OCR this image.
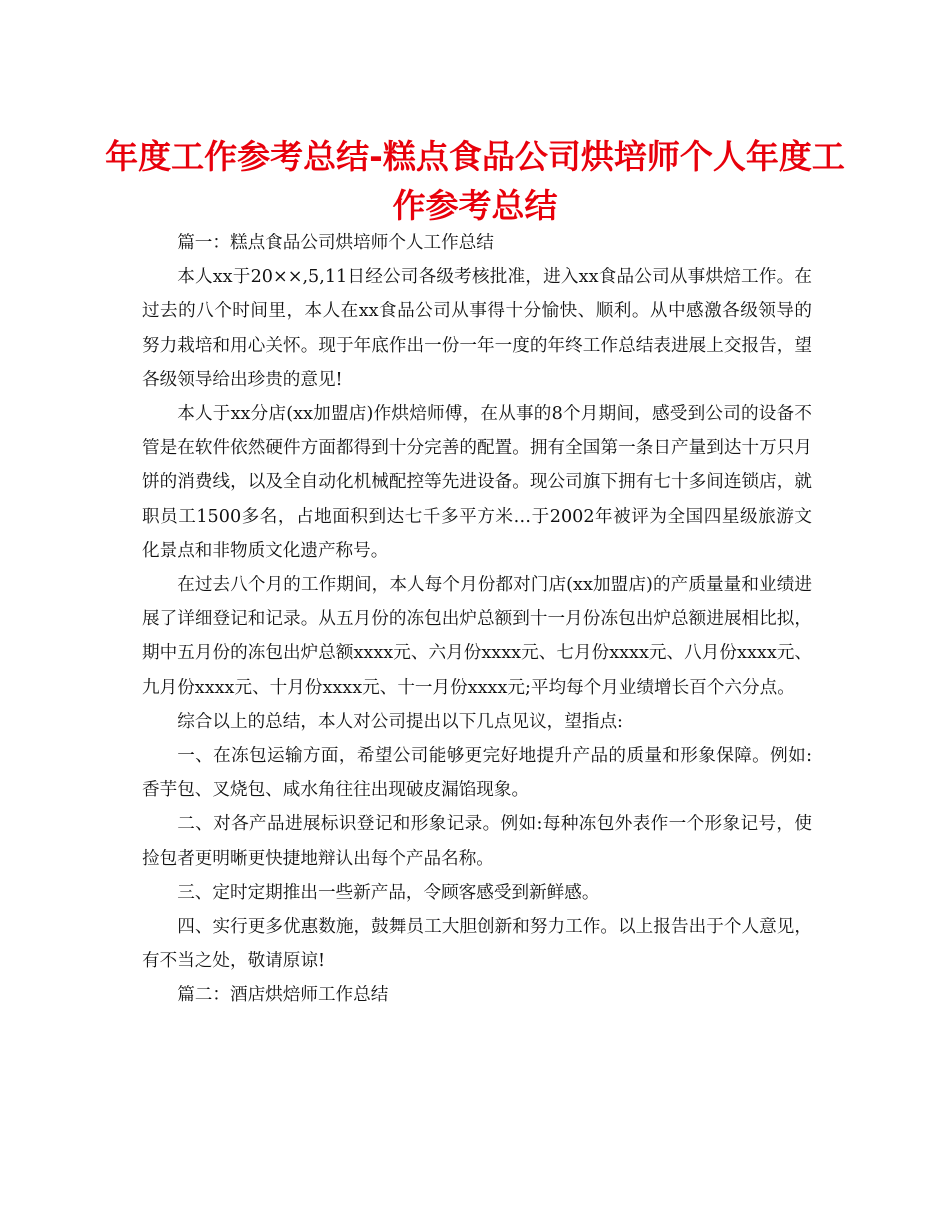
年度工作参考总结-糕点食品公司烘培师个人年度工作参考总结

篇一：糕点食品公司烘培师个人工作总结

本人xx于20××,5,11日经公司各级考核批准，进入xx食品公司从事烘焙工作。在过去的八个时间里，本人在xx食品公司从事得十分愉快、顺利。从中感激各级领导的努力栽培和用心关怀。现于年底作出一份一年一度的年终工作总结表进展上交报告，望各级领导给出珍贵的意见!

本人于xx分店(xx加盟店)作烘焙师傅，在从事的8个月期间，感受到公司的设备不管是在软件依然硬件方面都得到十分完善的配置。拥有全国第一条日产量到达十万只月饼的消费线，以及全自动化机械配控等先进设备。现公司旗下拥有七十多间连锁店，就职员工1500多名，占地面积到达七千多平方米…于2002年被评为全国四星级旅游文化景点和非物质文化遗产称号。

在过去八个月的工作期间，本人每个月份都对门店(xx加盟店)的产质量量和业绩进展了详细登记和记录。从五月份的冻包出炉总额到十一月份冻包出炉总额进展相比拟，期中五月份的冻包出炉总额xxxx元、六月份xxxx元、七月份xxxx元、八月份xxxx元、九月份xxxx元、十月份xxxx元、十一月份xxxx元;平均每个月业绩增长百个六分点。

综合以上的总结，本人对公司提出以下几点见议，望指点:

一、在冻包运输方面，希望公司能够更完好地提升产品的质量和形象保障。例如:香芋包、叉烧包、咸水角往往出现破皮漏馅现象。

二、对各产品进展标识登记和形象记录。例如:每种冻包外表作一个形象记号，使捡包者更明晰更快捷地辩认出每个产品名称。

三、定时定期推出一些新产品，令顾客感受到新鲜感。

四、实行更多优惠数施，鼓舞员工大胆创新和努力工作。以上报告出于个人意见，有不当之处，敬请原谅!

篇二：酒店烘焙师工作总结
